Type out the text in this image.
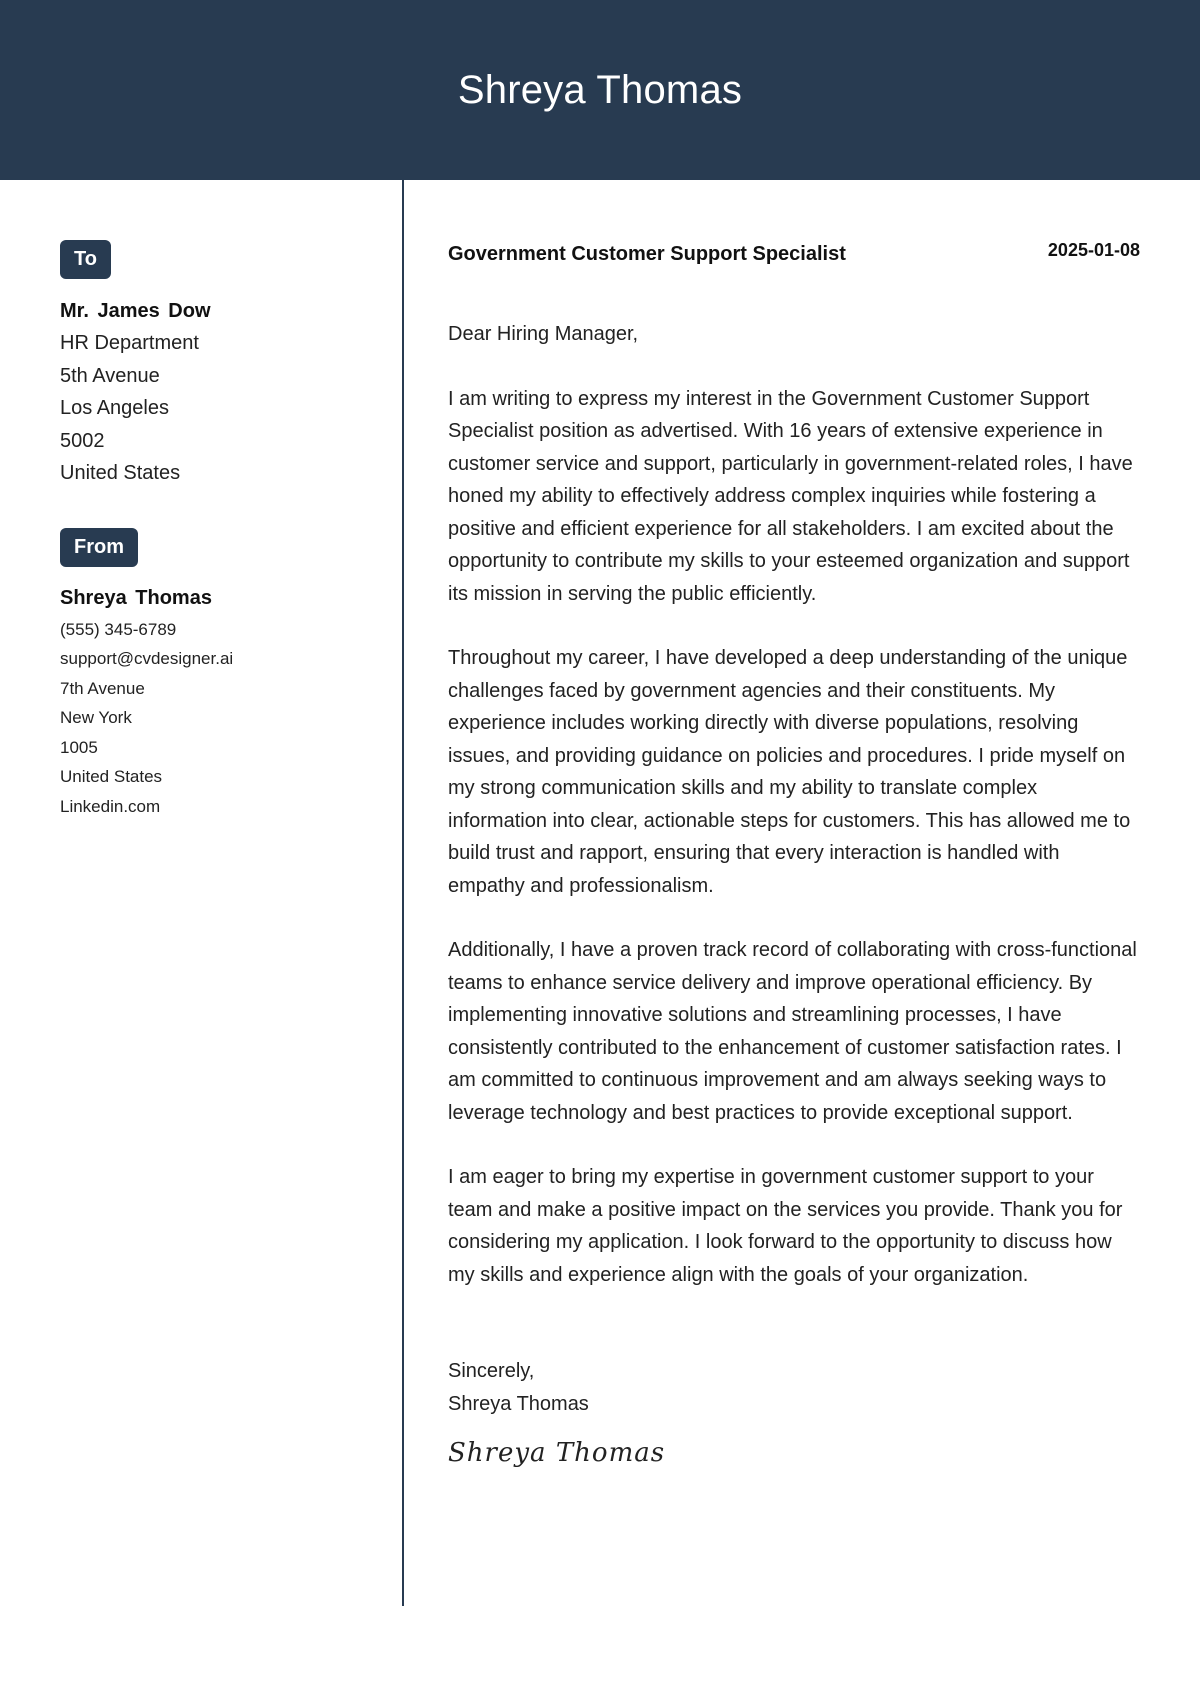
Shreya Thomas
To
Mr. James Dow
HR Department
5th Avenue
Los Angeles
5002
United States
From
Shreya Thomas
(555) 345-6789
support@cvdesigner.ai
7th Avenue
New York
1005
United States
Linkedin.com
Government Customer Support Specialist	2025-01-08
Dear Hiring Manager,

I am writing to express my interest in the Government Customer Support Specialist position as advertised. With 16 years of extensive experience in customer service and support, particularly in government-related roles, I have honed my ability to effectively address complex inquiries while fostering a positive and efficient experience for all stakeholders. I am excited about the opportunity to contribute my skills to your esteemed organization and support its mission in serving the public efficiently.

Throughout my career, I have developed a deep understanding of the unique challenges faced by government agencies and their constituents. My experience includes working directly with diverse populations, resolving issues, and providing guidance on policies and procedures. I pride myself on my strong communication skills and my ability to translate complex information into clear, actionable steps for customers. This has allowed me to build trust and rapport, ensuring that every interaction is handled with empathy and professionalism.

Additionally, I have a proven track record of collaborating with cross-functional teams to enhance service delivery and improve operational efficiency. By implementing innovative solutions and streamlining processes, I have consistently contributed to the enhancement of customer satisfaction rates. I am committed to continuous improvement and am always seeking ways to leverage technology and best practices to provide exceptional support.

I am eager to bring my expertise in government customer support to your team and make a positive impact on the services you provide. Thank you for considering my application. I look forward to the opportunity to discuss how my skills and experience align with the goals of your organization.

Sincerely,
Shreya Thomas
Shreya Thomas
